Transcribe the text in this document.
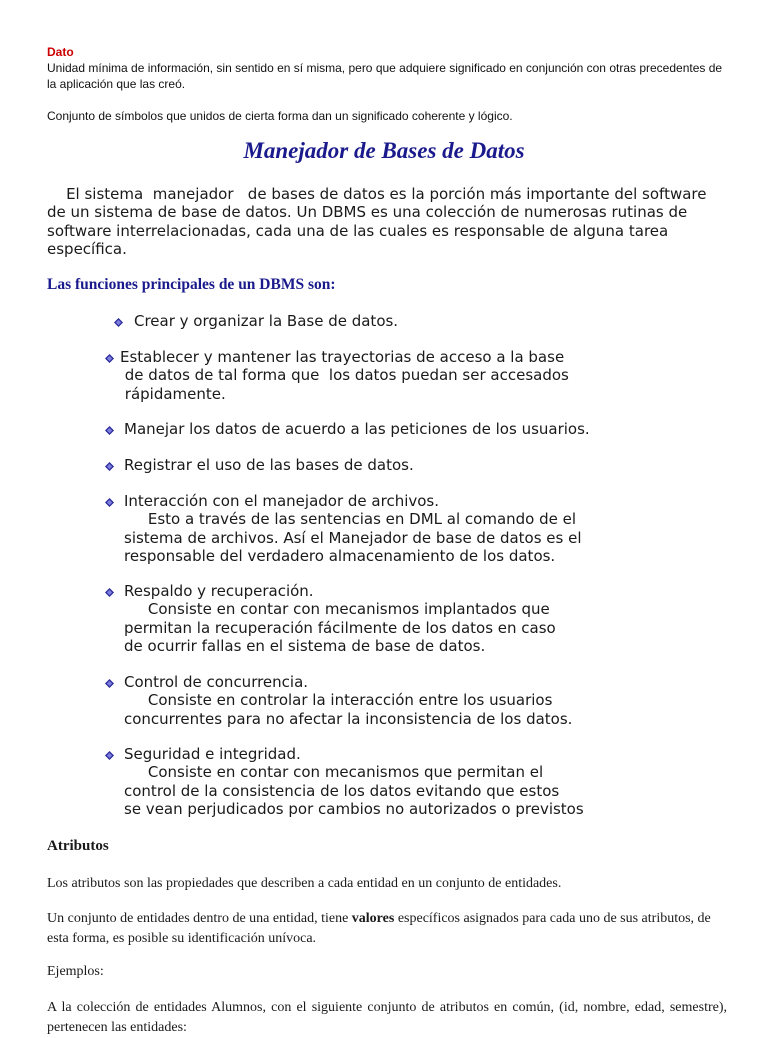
Dato
Unidad mínima de información, sin sentido en sí misma, pero que adquiere significado en conjunción con otras precedentes de la aplicación que las creó.
Conjunto de símbolos que unidos de cierta forma dan un significado coherente y lógico.
Manejador de Bases de Datos
El sistema  manejador   de bases de datos es la porción más importante del software de un sistema de base de datos. Un DBMS es una colección de numerosas rutinas de software interrelacionadas, cada una de las cuales es responsable de alguna tarea específica.
Las funciones principales de un DBMS son:
Crear y organizar la Base de datos.
Establecer y mantener las trayectorias de acceso a la base
de datos de tal forma que  los datos puedan ser accesados
rápidamente.
Manejar los datos de acuerdo a las peticiones de los usuarios.
Registrar el uso de las bases de datos.
Interacción con el manejador de archivos.
Esto a través de las sentencias en DML al comando de el
sistema de archivos. Así el Manejador de base de datos es el
responsable del verdadero almacenamiento de los datos.
Respaldo y recuperación.
Consiste en contar con mecanismos implantados que
permitan la recuperación fácilmente de los datos en caso
de ocurrir fallas en el sistema de base de datos.
Control de concurrencia.
Consiste en controlar la interacción entre los usuarios
concurrentes para no afectar la inconsistencia de los datos.
Seguridad e integridad.
Consiste en contar con mecanismos que permitan el
control de la consistencia de los datos evitando que estos
se vean perjudicados por cambios no autorizados o previstos
Atributos
Los atributos son las propiedades que describen a cada entidad en un conjunto de entidades.
Un conjunto de entidades dentro de una entidad, tiene valores específicos asignados para cada uno de sus atributos, de esta forma, es posible su identificación unívoca.
Ejemplos:
A la colección de entidades Alumnos, con el siguiente conjunto de atributos en común, (id, nombre, edad, semestre), pertenecen las entidades:
